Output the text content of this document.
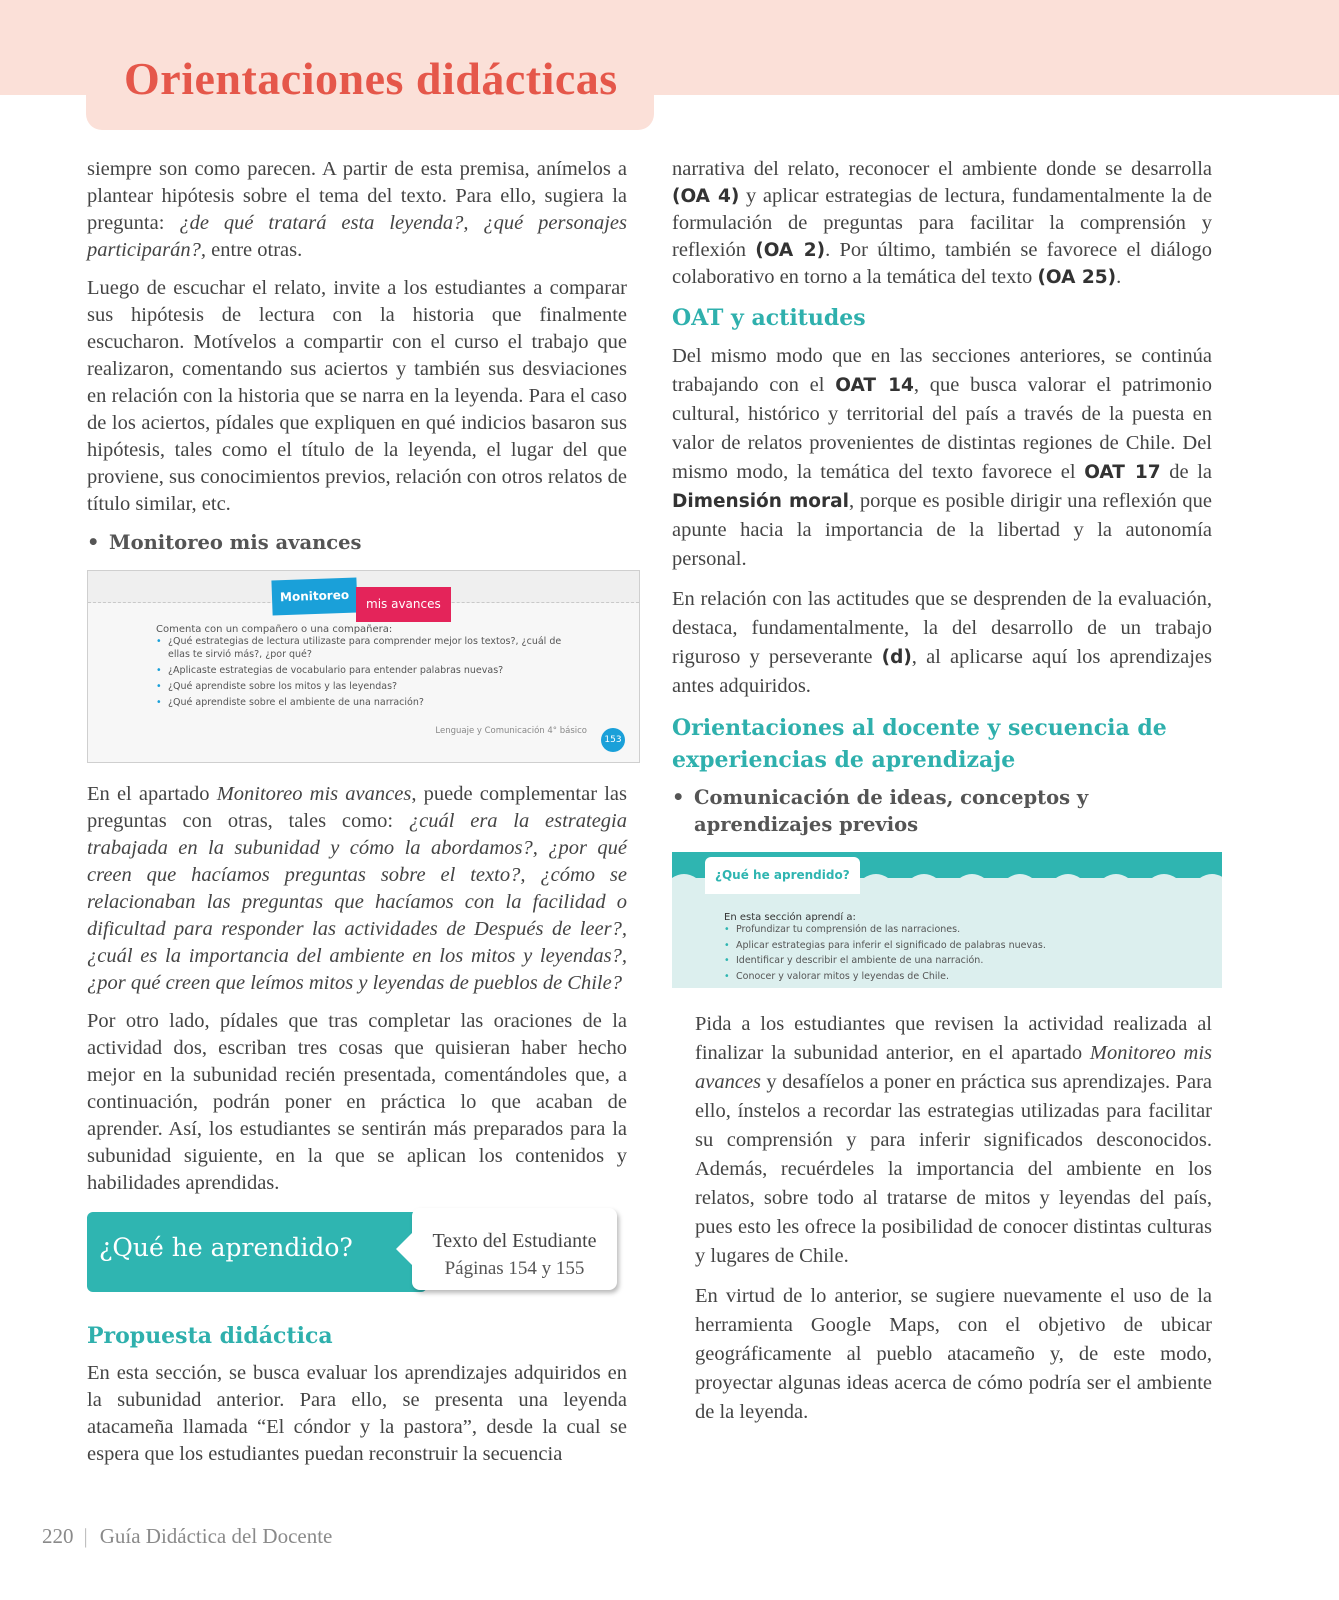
Orientaciones didácticas

siempre son como parecen. A partir de esta premisa, anímelos a plantear hipótesis sobre el tema del texto. Para ello, sugiera la pregunta: ¿de qué tratará esta leyenda?, ¿qué personajes participarán?, entre otras.

Luego de escuchar el relato, invite a los estudiantes a comparar sus hipótesis de lectura con la historia que finalmente escucharon. Motívelos a compartir con el curso el trabajo que realizaron, comentando sus aciertos y también sus desviaciones en relación con la historia que se narra en la leyenda. Para el caso de los aciertos, pídales que expliquen en qué indicios basaron sus hipótesis, tales como el título de la leyenda, el lugar del que proviene, sus conocimientos previos, relación con otros relatos de título similar, etc.

• Monitoreo mis avances
Monitoreo	mis avances
Comenta con un compañero o una compañera:
• ¿Qué estrategias de lectura utilizaste para comprender mejor los textos?, ¿cuál de ellas te sirvió más?, ¿por qué?
• ¿Aplicaste estrategias de vocabulario para entender palabras nuevas?
• ¿Qué aprendiste sobre los mitos y las leyendas?
• ¿Qué aprendiste sobre el ambiente de una narración?
Lenguaje y Comunicación 4° básico
153

En el apartado Monitoreo mis avances, puede complementar las preguntas con otras, tales como: ¿cuál era la estrategia trabajada en la subunidad y cómo la abordamos?, ¿por qué creen que hacíamos preguntas sobre el texto?, ¿cómo se relacionaban las preguntas que hacíamos con la facilidad o dificultad para responder las actividades de Después de leer?, ¿cuál es la importancia del ambiente en los mitos y leyendas?, ¿por qué creen que leímos mitos y leyendas de pueblos de Chile?

Por otro lado, pídales que tras completar las oraciones de la actividad dos, escriban tres cosas que quisieran haber hecho mejor en la subunidad recién presentada, comentándoles que, a continuación, podrán poner en práctica lo que acaban de aprender. Así, los estudiantes se sentirán más preparados para la subunidad siguiente, en la que se aplican los contenidos y habilidades aprendidas.

¿Qué he aprendido?	Texto del Estudiante
Páginas 154 y 155
Propuesta didáctica

En esta sección, se busca evaluar los aprendizajes adquiridos en la subunidad anterior. Para ello, se presenta una leyenda atacameña llamada “El cóndor y la pastora”, desde la cual se espera que los estudiantes puedan reconstruir la secuencia

narrativa del relato, reconocer el ambiente donde se desarrolla (OA 4) y aplicar estrategias de lectura, fundamentalmente la de formulación de preguntas para facilitar la comprensión y reflexión (OA 2). Por último, también se favorece el diálogo colaborativo en torno a la temática del texto (OA 25).

OAT y actitudes

Del mismo modo que en las secciones anteriores, se continúa trabajando con el OAT 14, que busca valorar el patrimonio cultural, histórico y territorial del país a través de la puesta en valor de relatos provenientes de distintas regiones de Chile. Del mismo modo, la temática del texto favorece el OAT 17 de la Dimensión moral, porque es posible dirigir una reflexión que apunte hacia la importancia de la libertad y la autonomía personal.

En relación con las actitudes que se desprenden de la evaluación, destaca, fundamentalmente, la del desarrollo de un trabajo riguroso y perseverante (d), al aplicarse aquí los aprendizajes antes adquiridos.

Orientaciones al docente y secuencia de experiencias de aprendizaje
• Comunicación de ideas, conceptos y aprendizajes previos
¿Qué he aprendido?
En esta sección aprendí a:
• Profundizar tu comprensión de las narraciones.
• Aplicar estrategias para inferir el significado de palabras nuevas.
• Identificar y describir el ambiente de una narración.
• Conocer y valorar mitos y leyendas de Chile.

Pida a los estudiantes que revisen la actividad realizada al finalizar la subunidad anterior, en el apartado Monitoreo mis avances y desafíelos a poner en práctica sus aprendizajes. Para ello, ínstelos a recordar las estrategias utilizadas para facilitar su comprensión y para inferir significados desconocidos. Además, recuérdeles la importancia del ambiente en los relatos, sobre todo al tratarse de mitos y leyendas del país, pues esto les ofrece la posibilidad de conocer distintas culturas y lugares de Chile.

En virtud de lo anterior, se sugiere nuevamente el uso de la herramienta Google Maps, con el objetivo de ubicar geográficamente al pueblo atacameño y, de este modo, proyectar algunas ideas acerca de cómo podría ser el ambiente de la leyenda.

220 | Guía Didáctica del Docente
